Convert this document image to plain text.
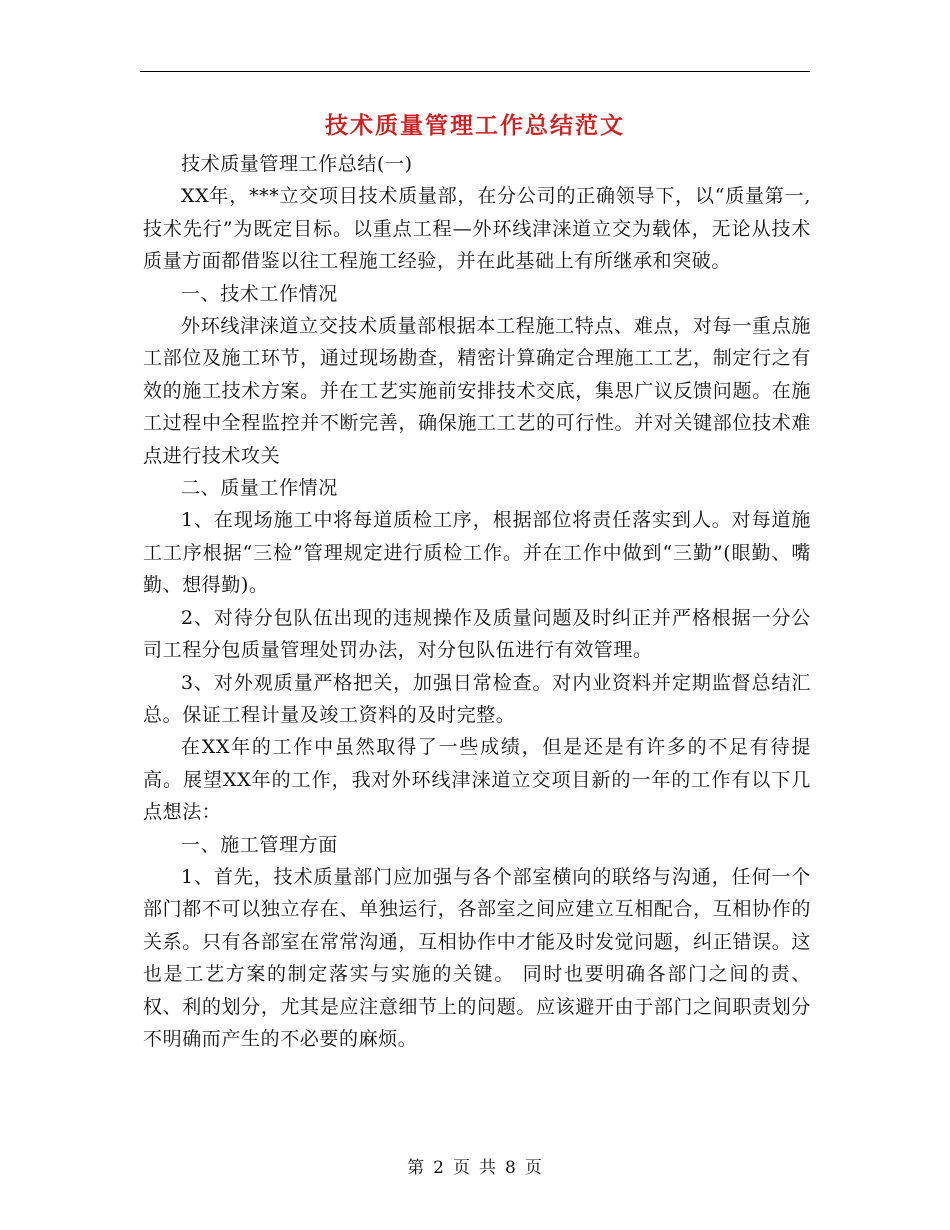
技术质量管理工作总结范文

技术质量管理工作总结(一)

XX年，***立交项目技术质量部，在分公司的正确领导下，以“质量第一,技术先行”为既定目标。以重点工程—外环线津涞道立交为载体，无论从技术质量方面都借鉴以往工程施工经验，并在此基础上有所继承和突破。

一、技术工作情况

外环线津涞道立交技术质量部根据本工程施工特点、难点，对每一重点施工部位及施工环节，通过现场勘查，精密计算确定合理施工工艺，制定行之有效的施工技术方案。并在工艺实施前安排技术交底，集思广议反馈问题。在施工过程中全程监控并不断完善，确保施工工艺的可行性。并对关键部位技术难点进行技术攻关

二、质量工作情况

1、在现场施工中将每道质检工序，根据部位将责任落实到人。对每道施工工序根据“三检”管理规定进行质检工作。并在工作中做到“三勤”(眼勤、嘴勤、想得勤)。

2、对待分包队伍出现的违规操作及质量问题及时纠正并严格根据一分公司工程分包质量管理处罚办法，对分包队伍进行有效管理。

3、对外观质量严格把关，加强日常检查。对内业资料并定期监督总结汇总。保证工程计量及竣工资料的及时完整。

在XX年的工作中虽然取得了一些成绩，但是还是有许多的不足有待提高。展望XX年的工作，我对外环线津涞道立交项目新的一年的工作有以下几点想法：

一、施工管理方面

1、首先，技术质量部门应加强与各个部室横向的联络与沟通，任何一个部门都不可以独立存在、单独运行，各部室之间应建立互相配合，互相协作的关系。只有各部室在常常沟通，互相协作中才能及时发觉问题，纠正错误。这也是工艺方案的制定落实与实施的关键。 同时也要明确各部门之间的责、权、利的划分，尤其是应注意细节上的问题。应该避开由于部门之间职责划分不明确而产生的不必要的麻烦。

第 2 页 共 8 页
